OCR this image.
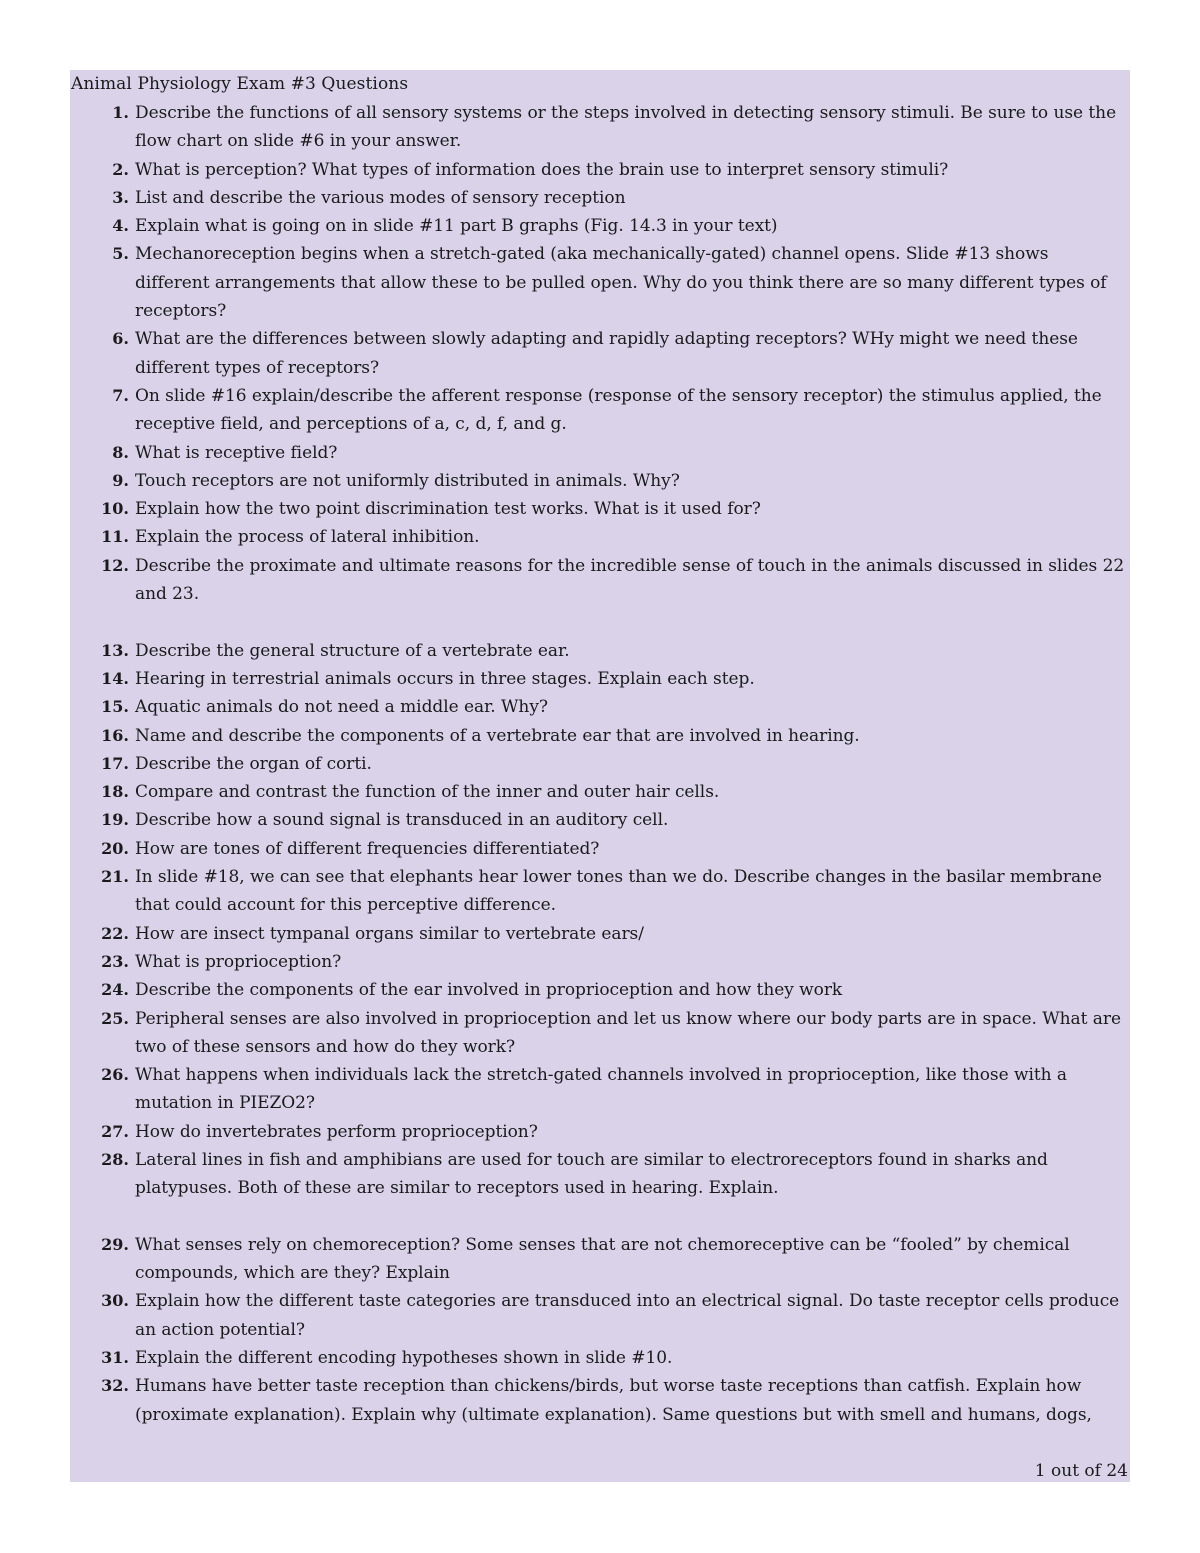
Animal Physiology Exam #3 Questions
1. Describe the functions of all sensory systems or the steps involved in detecting sensory stimuli. Be sure to use the flow chart on slide #6 in your answer.
2. What is perception? What types of information does the brain use to interpret sensory stimuli?
3. List and describe the various modes of sensory reception
4. Explain what is going on in slide #11 part B graphs (Fig. 14.3 in your text)
5. Mechanoreception begins when a stretch-gated (aka mechanically-gated) channel opens. Slide #13 shows different arrangements that allow these to be pulled open. Why do you think there are so many different types of receptors?
6. What are the differences between slowly adapting and rapidly adapting receptors? WHy might we need these different types of receptors?
7. On slide #16 explain/describe the afferent response (response of the sensory receptor) the stimulus applied, the receptive field, and perceptions of a, c, d, f, and g.
8. What is receptive field?
9. Touch receptors are not uniformly distributed in animals. Why?
10. Explain how the two point discrimination test works. What is it used for?
11. Explain the process of lateral inhibition.
12. Describe the proximate and ultimate reasons for the incredible sense of touch in the animals discussed in slides 22 and 23.
13. Describe the general structure of a vertebrate ear.
14. Hearing in terrestrial animals occurs in three stages. Explain each step.
15. Aquatic animals do not need a middle ear. Why?
16. Name and describe the components of a vertebrate ear that are involved in hearing.
17. Describe the organ of corti.
18. Compare and contrast the function of the inner and outer hair cells.
19. Describe how a sound signal is transduced in an auditory cell.
20. How are tones of different frequencies differentiated?
21. In slide #18, we can see that elephants hear lower tones than we do. Describe changes in the basilar membrane that could account for this perceptive difference.
22. How are insect tympanal organs similar to vertebrate ears/
23. What is proprioception?
24. Describe the components of the ear involved in proprioception and how they work
25. Peripheral senses are also involved in proprioception and let us know where our body parts are in space. What are two of these sensors and how do they work?
26. What happens when individuals lack the stretch-gated channels involved in proprioception, like those with a mutation in PIEZO2?
27. How do invertebrates perform proprioception?
28. Lateral lines in fish and amphibians are used for touch are similar to electroreceptors found in sharks and platypuses. Both of these are similar to receptors used in hearing. Explain.
29. What senses rely on chemoreception? Some senses that are not chemoreceptive can be “fooled” by chemical compounds, which are they? Explain
30. Explain how the different taste categories are transduced into an electrical signal. Do taste receptor cells produce an action potential?
31. Explain the different encoding hypotheses shown in slide #10.
32. Humans have better taste reception than chickens/birds, but worse taste receptions than catfish. Explain how (proximate explanation). Explain why (ultimate explanation). Same questions but with smell and humans, dogs,
1 out of 24
